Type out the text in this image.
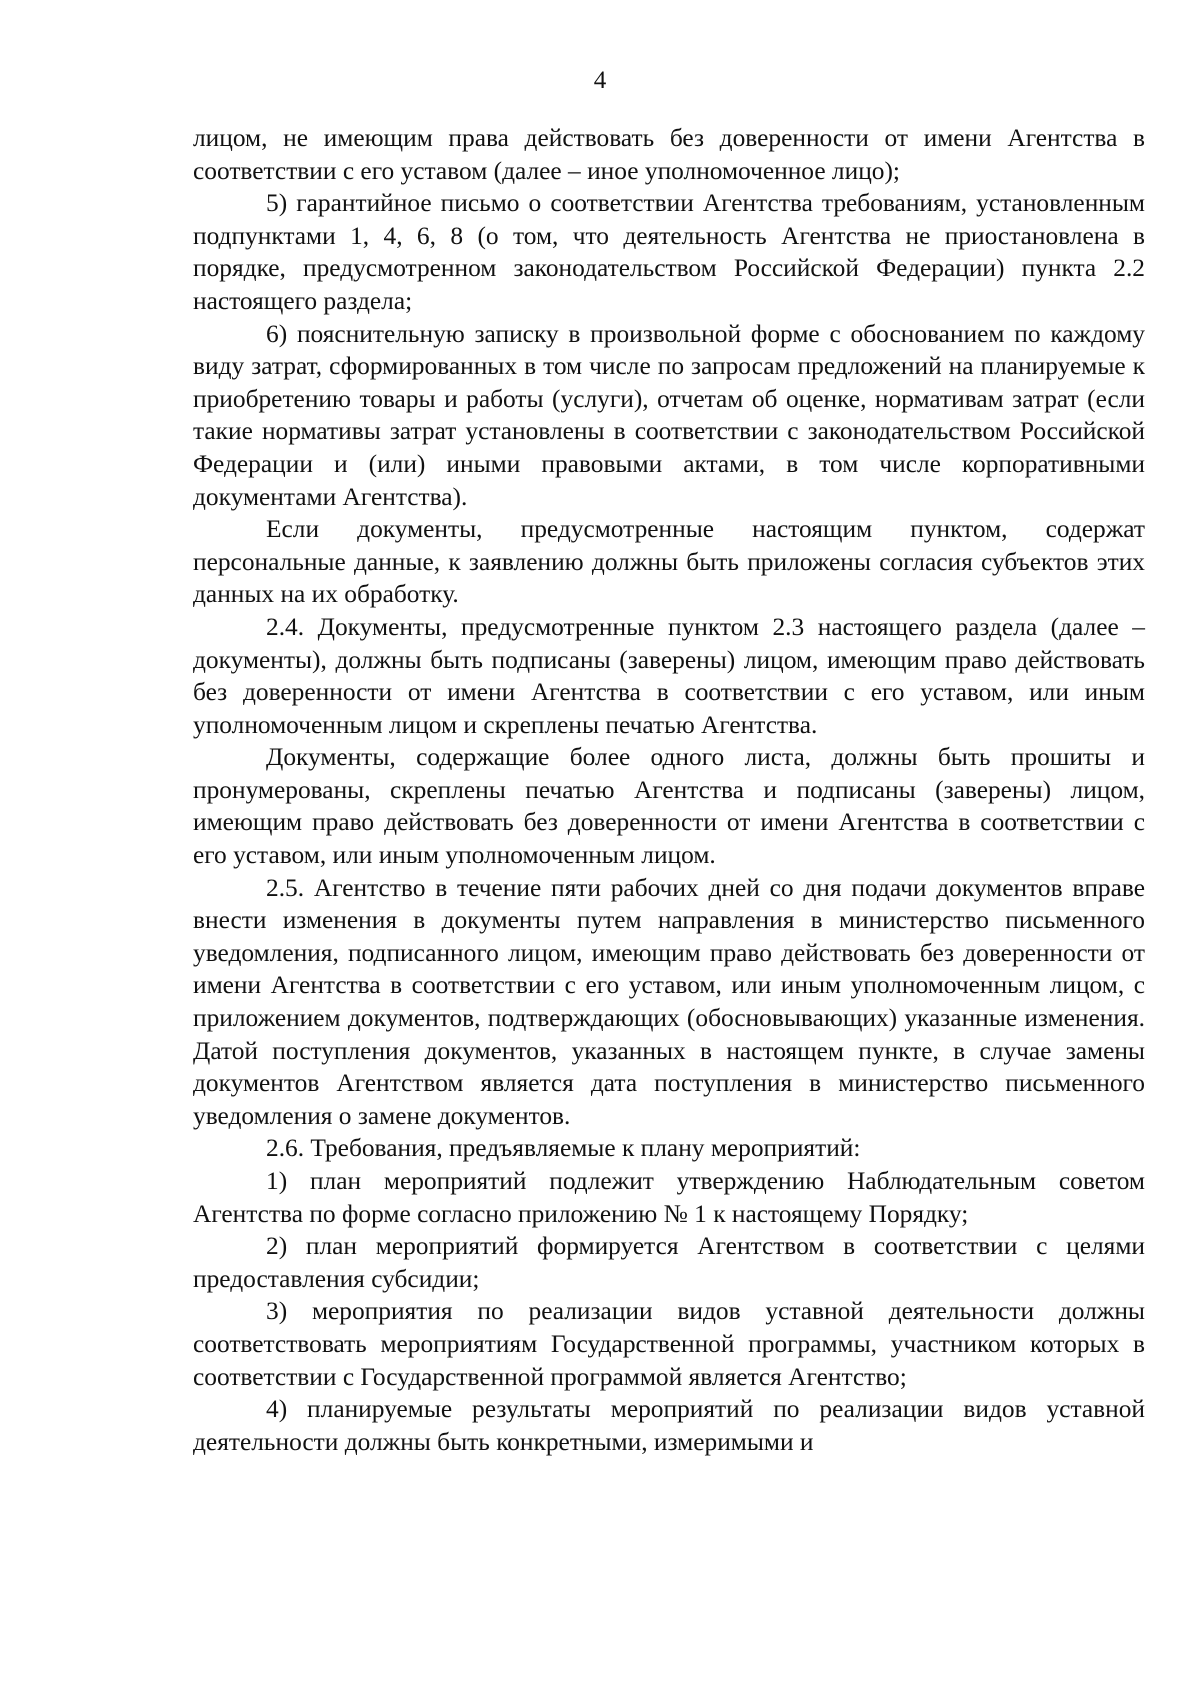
4

лицом, не имеющим права действовать без доверенности от имени Агентства в соответствии с его уставом (далее – иное уполномоченное лицо);

5) гарантийное письмо о соответствии Агентства требованиям, установленным подпунктами 1, 4, 6, 8 (о том, что деятельность Агентства не приостановлена в порядке, предусмотренном законодательством Российской Федерации) пункта 2.2 настоящего раздела;

6) пояснительную записку в произвольной форме с обоснованием по каждому виду затрат, сформированных в том числе по запросам предложений на планируемые к приобретению товары и работы (услуги), отчетам об оценке, нормативам затрат (если такие нормативы затрат установлены в соответствии с законодательством Российской Федерации и (или) иными правовыми актами, в том числе корпоративными документами Агентства).

Если документы, предусмотренные настоящим пунктом, содержат персональные данные, к заявлению должны быть приложены согласия субъектов этих данных на их обработку.

2.4. Документы, предусмотренные пунктом 2.3 настоящего раздела (далее – документы), должны быть подписаны (заверены) лицом, имеющим право действовать без доверенности от имени Агентства в соответствии с его уставом, или иным уполномоченным лицом и скреплены печатью Агентства.

Документы, содержащие более одного листа, должны быть прошиты и пронумерованы, скреплены печатью Агентства и подписаны (заверены) лицом, имеющим право действовать без доверенности от имени Агентства в соответствии с его уставом, или иным уполномоченным лицом.

2.5. Агентство в течение пяти рабочих дней со дня подачи документов вправе внести изменения в документы путем направления в министерство письменного уведомления, подписанного лицом, имеющим право действовать без доверенности от имени Агентства в соответствии с его уставом, или иным уполномоченным лицом, с приложением документов, подтверждающих (обосновывающих) указанные изменения. Датой поступления документов, указанных в настоящем пункте, в случае замены документов Агентством является дата поступления в министерство письменного уведомления о замене документов.

2.6. Требования, предъявляемые к плану мероприятий:

1) план мероприятий подлежит утверждению Наблюдательным советом Агентства по форме согласно приложению № 1 к настоящему Порядку;

2) план мероприятий формируется Агентством в соответствии с целями предоставления субсидии;

3) мероприятия по реализации видов уставной деятельности должны соответствовать мероприятиям Государственной программы, участником которых в соответствии с Государственной программой является Агентство;

4) планируемые результаты мероприятий по реализации видов уставной деятельности должны быть конкретными, измеримыми и
